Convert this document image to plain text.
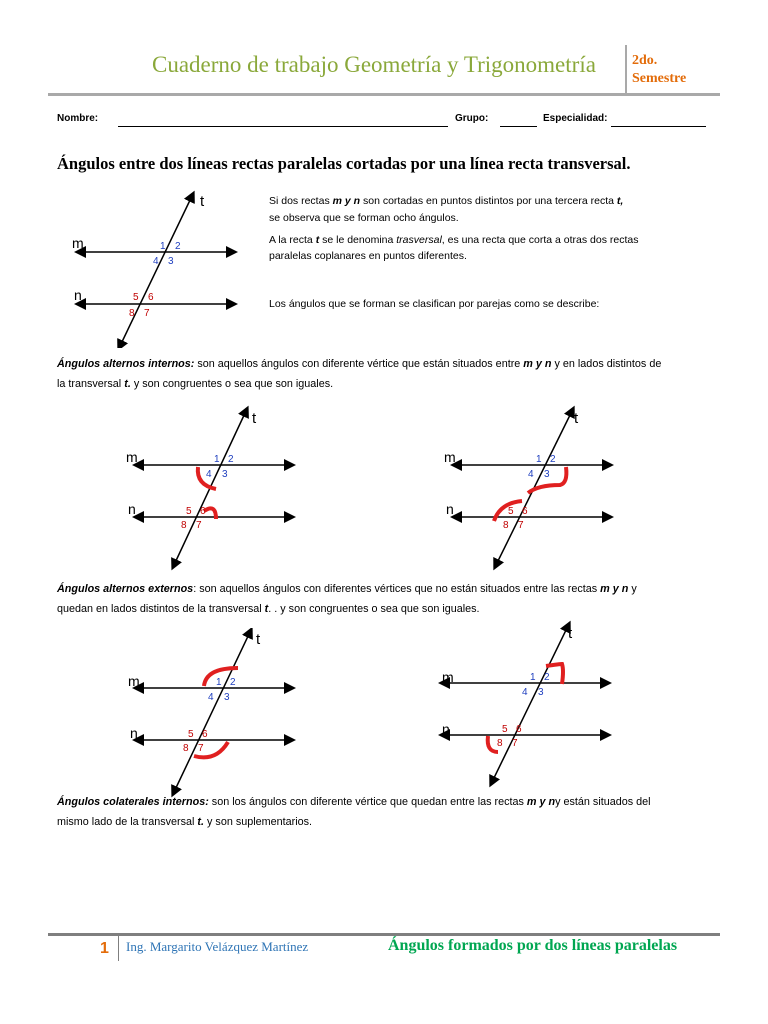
Cuaderno de trabajo Geometría y Trigonometría	2do.
Semestre
Nombre:	Grupo:	Especialidad:
Ángulos entre dos líneas rectas paralelas cortadas por una línea recta transversal.
m
n
t
1 2
3
4
5 6
7
8
Si dos rectas m y n son cortadas en puntos distintos por una tercera recta t,
se observa que se forman ocho ángulos.
A la recta t se le denomina trasversal, es una recta que corta a otras dos rectas
paralelas coplanares en puntos diferentes.
Los ángulos que se forman se clasifican por parejas como se describe:
Ángulos alternos internos: son aquellos ángulos con diferente vértice que están situados entre m y n y en lados distintos de
la transversal t. y son congruentes o sea que son iguales.
m
n
t
1 2
3
4
5 6
7
8
m
n
t
1 2
3
4
5 6
7
8
Ángulos alternos externos: son aquellos ángulos con diferentes vértices que no están situados entre las rectas m y n y
quedan en lados distintos de la transversal t. . y son congruentes o sea que son iguales.
m
n
t
1 2
3
4
5 6
7
8
m
n
t
1 2
3
4
5 6
7
8
Ángulos colaterales internos: son los ángulos con diferente vértice que quedan entre las rectas m y ny están situados del
mismo lado de la transversal t. y son suplementarios.
1 Ing. Margarito Velázquez Martínez	Ángulos formados por dos líneas paralelas
